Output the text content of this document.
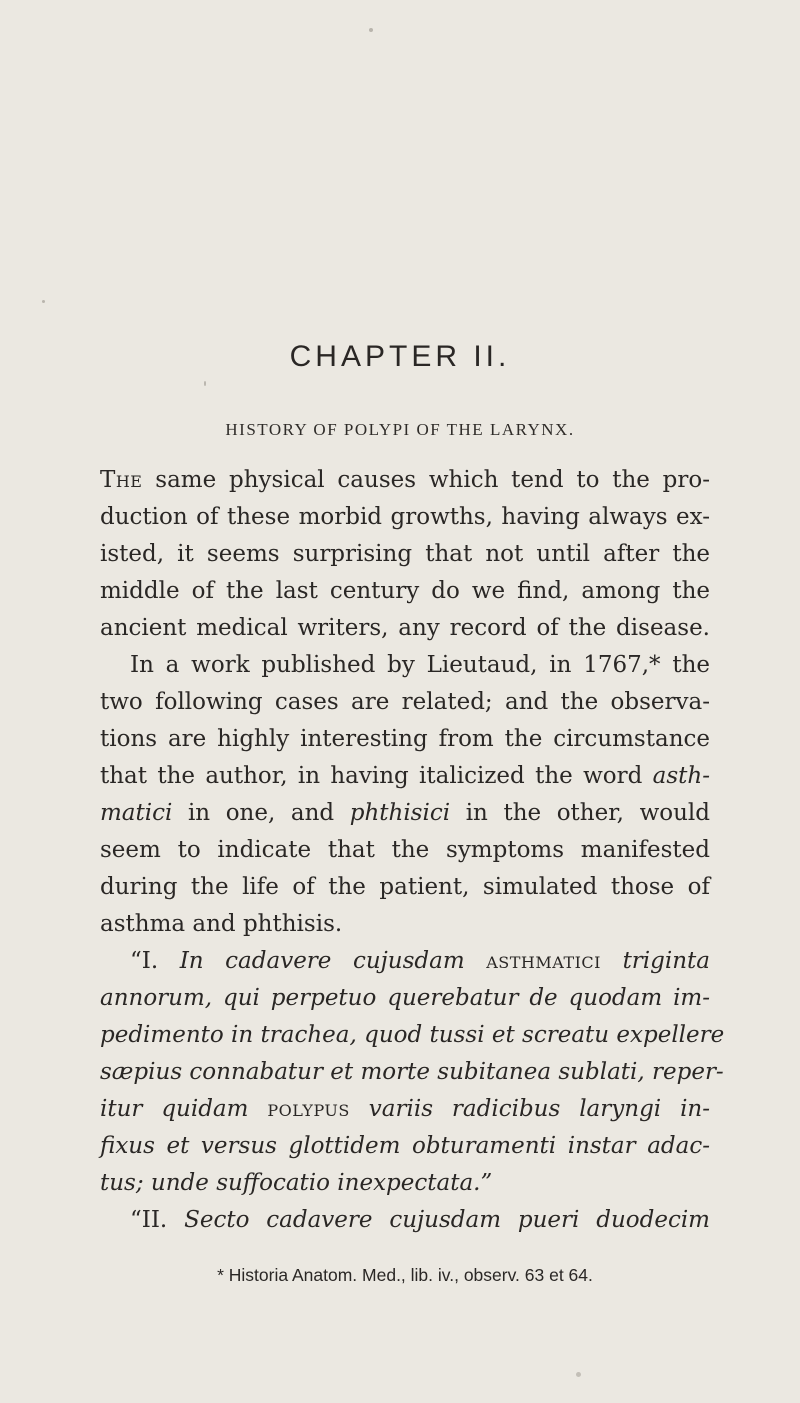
CHAPTER II.
HISTORY OF POLYPI OF THE LARYNX.
The same physical causes which tend to the pro-
duction of these morbid growths, having always ex-
isted, it seems surprising that not until after the
middle of the last century do we find, among the
ancient medical writers, any record of the disease.
In a work published by Lieutaud, in 1767,* the
two following cases are related; and the observa-
tions are highly interesting from the circumstance
that the author, in having italicized the word asth-
matici in one, and phthisici in the other, would
seem to indicate that the symptoms manifested
during the life of the patient, simulated those of
asthma and phthisis.
“I. In cadavere cujusdam asthmatici triginta
annorum, qui perpetuo querebatur de quodam im-
pedimento in trachea, quod tussi et screatu expellere
sæpius connabatur et morte subitanea sublati, reper-
itur quidam polypus variis radicibus laryngi in-
fixus et versus glottidem obturamenti instar adac-
tus; unde suffocatio inexpectata.”
“II. Secto cadavere cujusdam pueri duodecim
* Historia Anatom. Med., lib. iv., observ. 63 et 64.
